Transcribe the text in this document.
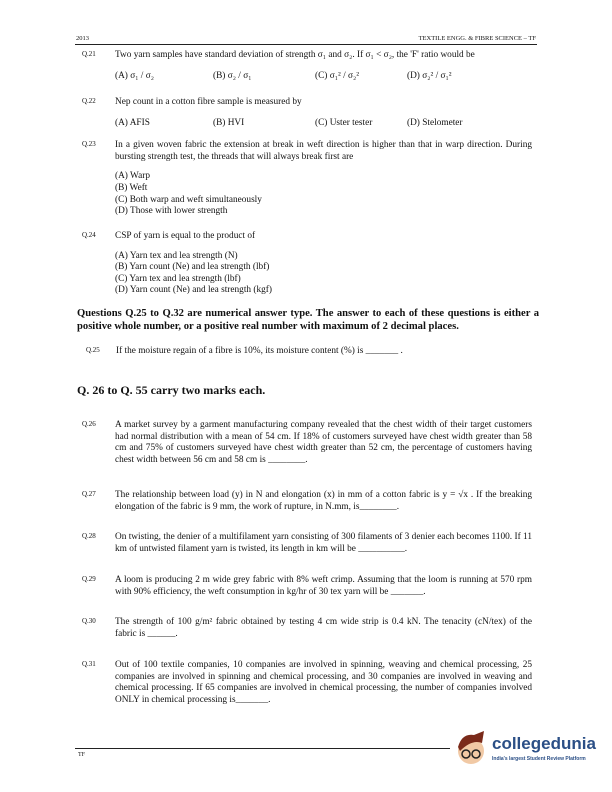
2013	TEXTILE ENGG. & FIBRE SCIENCE – TF
Q.21 Two yarn samples have standard deviation of strength σ₁ and σ₂. If σ₁ < σ₂, the 'F' ratio would be
(A) σ₁ / σ₂	(B) σ₂ / σ₁	(C) σ₁² / σ₂²	(D) σ₂² / σ₁²
Q.22 Nep count in a cotton fibre sample is measured by
(A) AFIS	(B) HVI	(C) Uster tester	(D) Stelometer
Q.23 In a given woven fabric the extension at break in weft direction is higher than that in warp direction. During bursting strength test, the threads that will always break first are
(A) Warp
(B) Weft
(C) Both warp and weft simultaneously
(D) Those with lower strength
Q.24 CSP of yarn is equal to the product of
(A) Yarn tex and lea strength (N)
(B) Yarn count (Ne) and lea strength (lbf)
(C) Yarn tex and lea strength (lbf)
(D) Yarn count (Ne) and lea strength (kgf)
Questions Q.25 to Q.32 are numerical answer type. The answer to each of these questions is either a positive whole number, or a positive real number with maximum of 2 decimal places.
Q.25 If the moisture regain of a fibre is 10%, its moisture content (%) is _______ .
Q. 26 to Q. 55 carry two marks each.
Q.26 A market survey by a garment manufacturing company revealed that the chest width of their target customers had normal distribution with a mean of 54 cm. If 18% of customers surveyed have chest width greater than 58 cm and 75% of customers surveyed have chest width greater than 52 cm, the percentage of customers having chest width between 56 cm and 58 cm is ________.
Q.27 The relationship between load (y) in N and elongation (x) in mm of a cotton fabric is y = √x . If the breaking elongation of the fabric is 9 mm, the work of rupture, in N.mm, is________.
Q.28 On twisting, the denier of a multifilament yarn consisting of 300 filaments of 3 denier each becomes 1100. If 11 km of untwisted filament yarn is twisted, its length in km will be __________.
Q.29 A loom is producing 2 m wide grey fabric with 8% weft crimp. Assuming that the loom is running at 570 rpm with 90% efficiency, the weft consumption in kg/hr of 30 tex yarn will be _______.
Q.30 The strength of 100 g/m² fabric obtained by testing 4 cm wide strip is 0.4 kN. The tenacity (cN/tex) of the fabric is ______.
Q.31 Out of 100 textile companies, 10 companies are involved in spinning, weaving and chemical processing, 25 companies are involved in spinning and chemical processing, and 30 companies are involved in weaving and chemical processing. If 65 companies are involved in chemical processing, the number of companies involved ONLY in chemical processing is_______.
TF
collegedunia
India's largest Student Review Platform
